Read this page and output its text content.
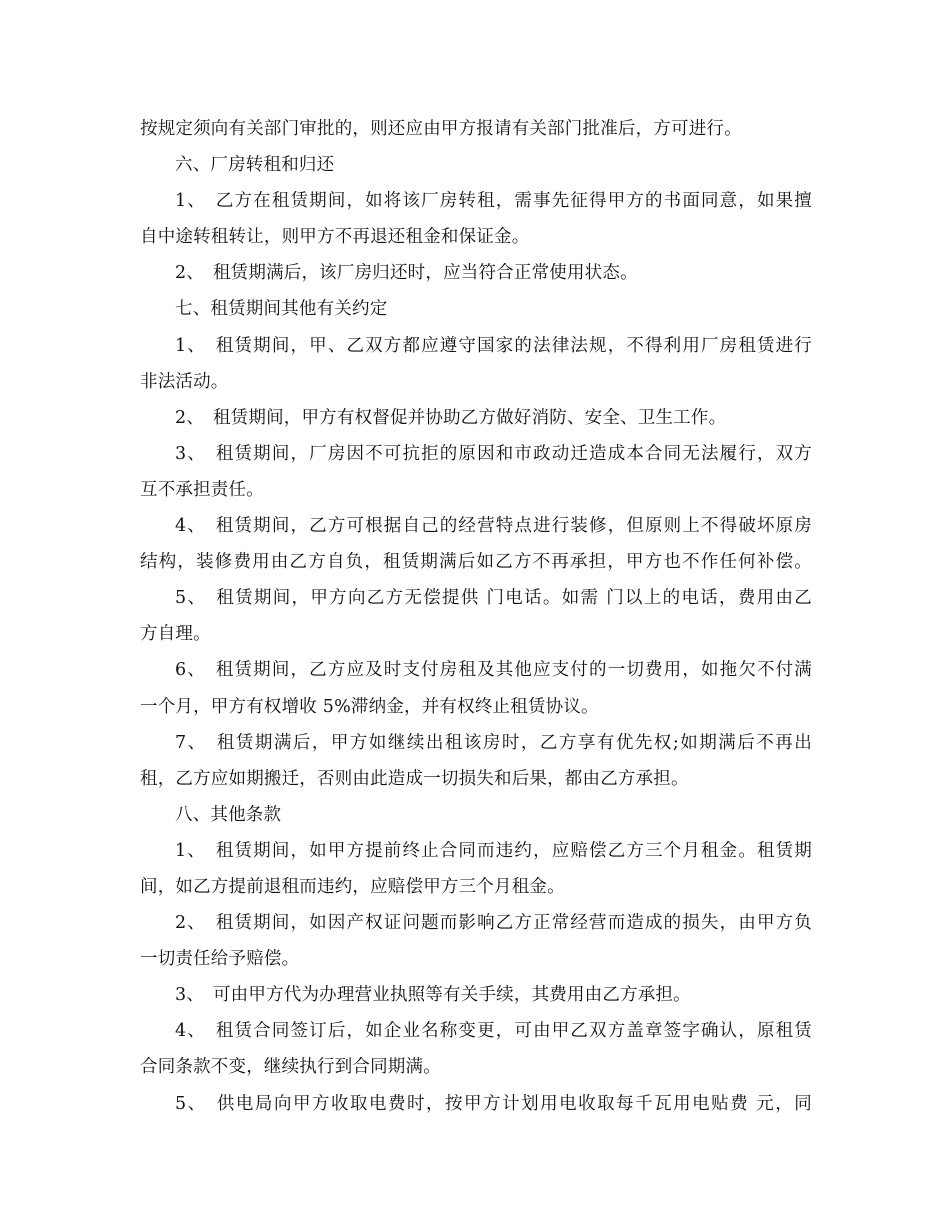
按规定须向有关部门审批的，则还应由甲方报请有关部门批准后，方可进行。
六、厂房转租和归还
1、　乙方在租赁期间，如将该厂房转租，需事先征得甲方的书面同意，如果擅
自中途转租转让，则甲方不再退还租金和保证金。
2、　租赁期满后，该厂房归还时，应当符合正常使用状态。
七、租赁期间其他有关约定
1、　租赁期间，甲、乙双方都应遵守国家的法律法规，不得利用厂房租赁进行
非法活动。
2、　租赁期间，甲方有权督促并协助乙方做好消防、安全、卫生工作。
3、　租赁期间，厂房因不可抗拒的原因和市政动迁造成本合同无法履行，双方
互不承担责任。
4、　租赁期间，乙方可根据自己的经营特点进行装修，但原则上不得破坏原房
结构，装修费用由乙方自负，租赁期满后如乙方不再承担，甲方也不作任何补偿。
5、　租赁期间，甲方向乙方无偿提供 门电话。如需 门以上的电话，费用由乙
方自理。
6、　租赁期间，乙方应及时支付房租及其他应支付的一切费用，如拖欠不付满
一个月，甲方有权增收 5%滞纳金，并有权终止租赁协议。
7、　租赁期满后，甲方如继续出租该房时，乙方享有优先权;如期满后不再出
租，乙方应如期搬迁，否则由此造成一切损失和后果，都由乙方承担。
八、其他条款
1、　租赁期间，如甲方提前终止合同而违约，应赔偿乙方三个月租金。租赁期
间，如乙方提前退租而违约，应赔偿甲方三个月租金。
2、　租赁期间，如因产权证问题而影响乙方正常经营而造成的损失，由甲方负
一切责任给予赔偿。
3、　可由甲方代为办理营业执照等有关手续，其费用由乙方承担。
4、　租赁合同签订后，如企业名称变更，可由甲乙双方盖章签字确认，原租赁
合同条款不变，继续执行到合同期满。
5、　供电局向甲方收取电费时，按甲方计划用电收取每千瓦用电贴费 元，同
